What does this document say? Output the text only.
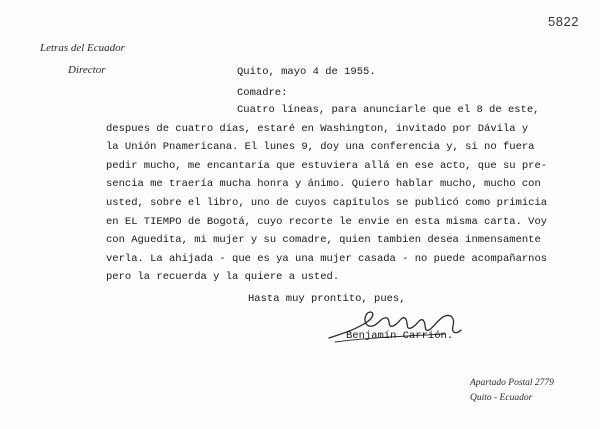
5822
Letras del Ecuador
Director	Quito, mayo 4 de 1955.
Comadre:
Cuatro líneas, para anunciarle que el 8 de este,
despues de cuatro días, estaré en Washington, invitado por Dávila y
la Unión Pnamericana. El lunes 9, doy una conferencia y, si no fuera
pedir mucho, me encantaría que estuviera allá en ese acto, que su pre-
sencia me traería mucha honra y ánimo. Quiero hablar mucho, mucho con
usted, sobre el libro, uno de cuyos capítulos se publicó como primicia
en EL TIEMPO de Bogotá, cuyo recorte le envie en esta misma carta. Voy
con Aguedita, mi mujer y su comadre, quien tambien desea inmensamente
verla. La ahijada - que es ya una mujer casada - no puede acompañarnos
pero la recuerda y la quiere a usted.
Hasta muy prontito, pues,
Benjamín Carrión.
Apartado Postal 2779
Quito - Ecuador
